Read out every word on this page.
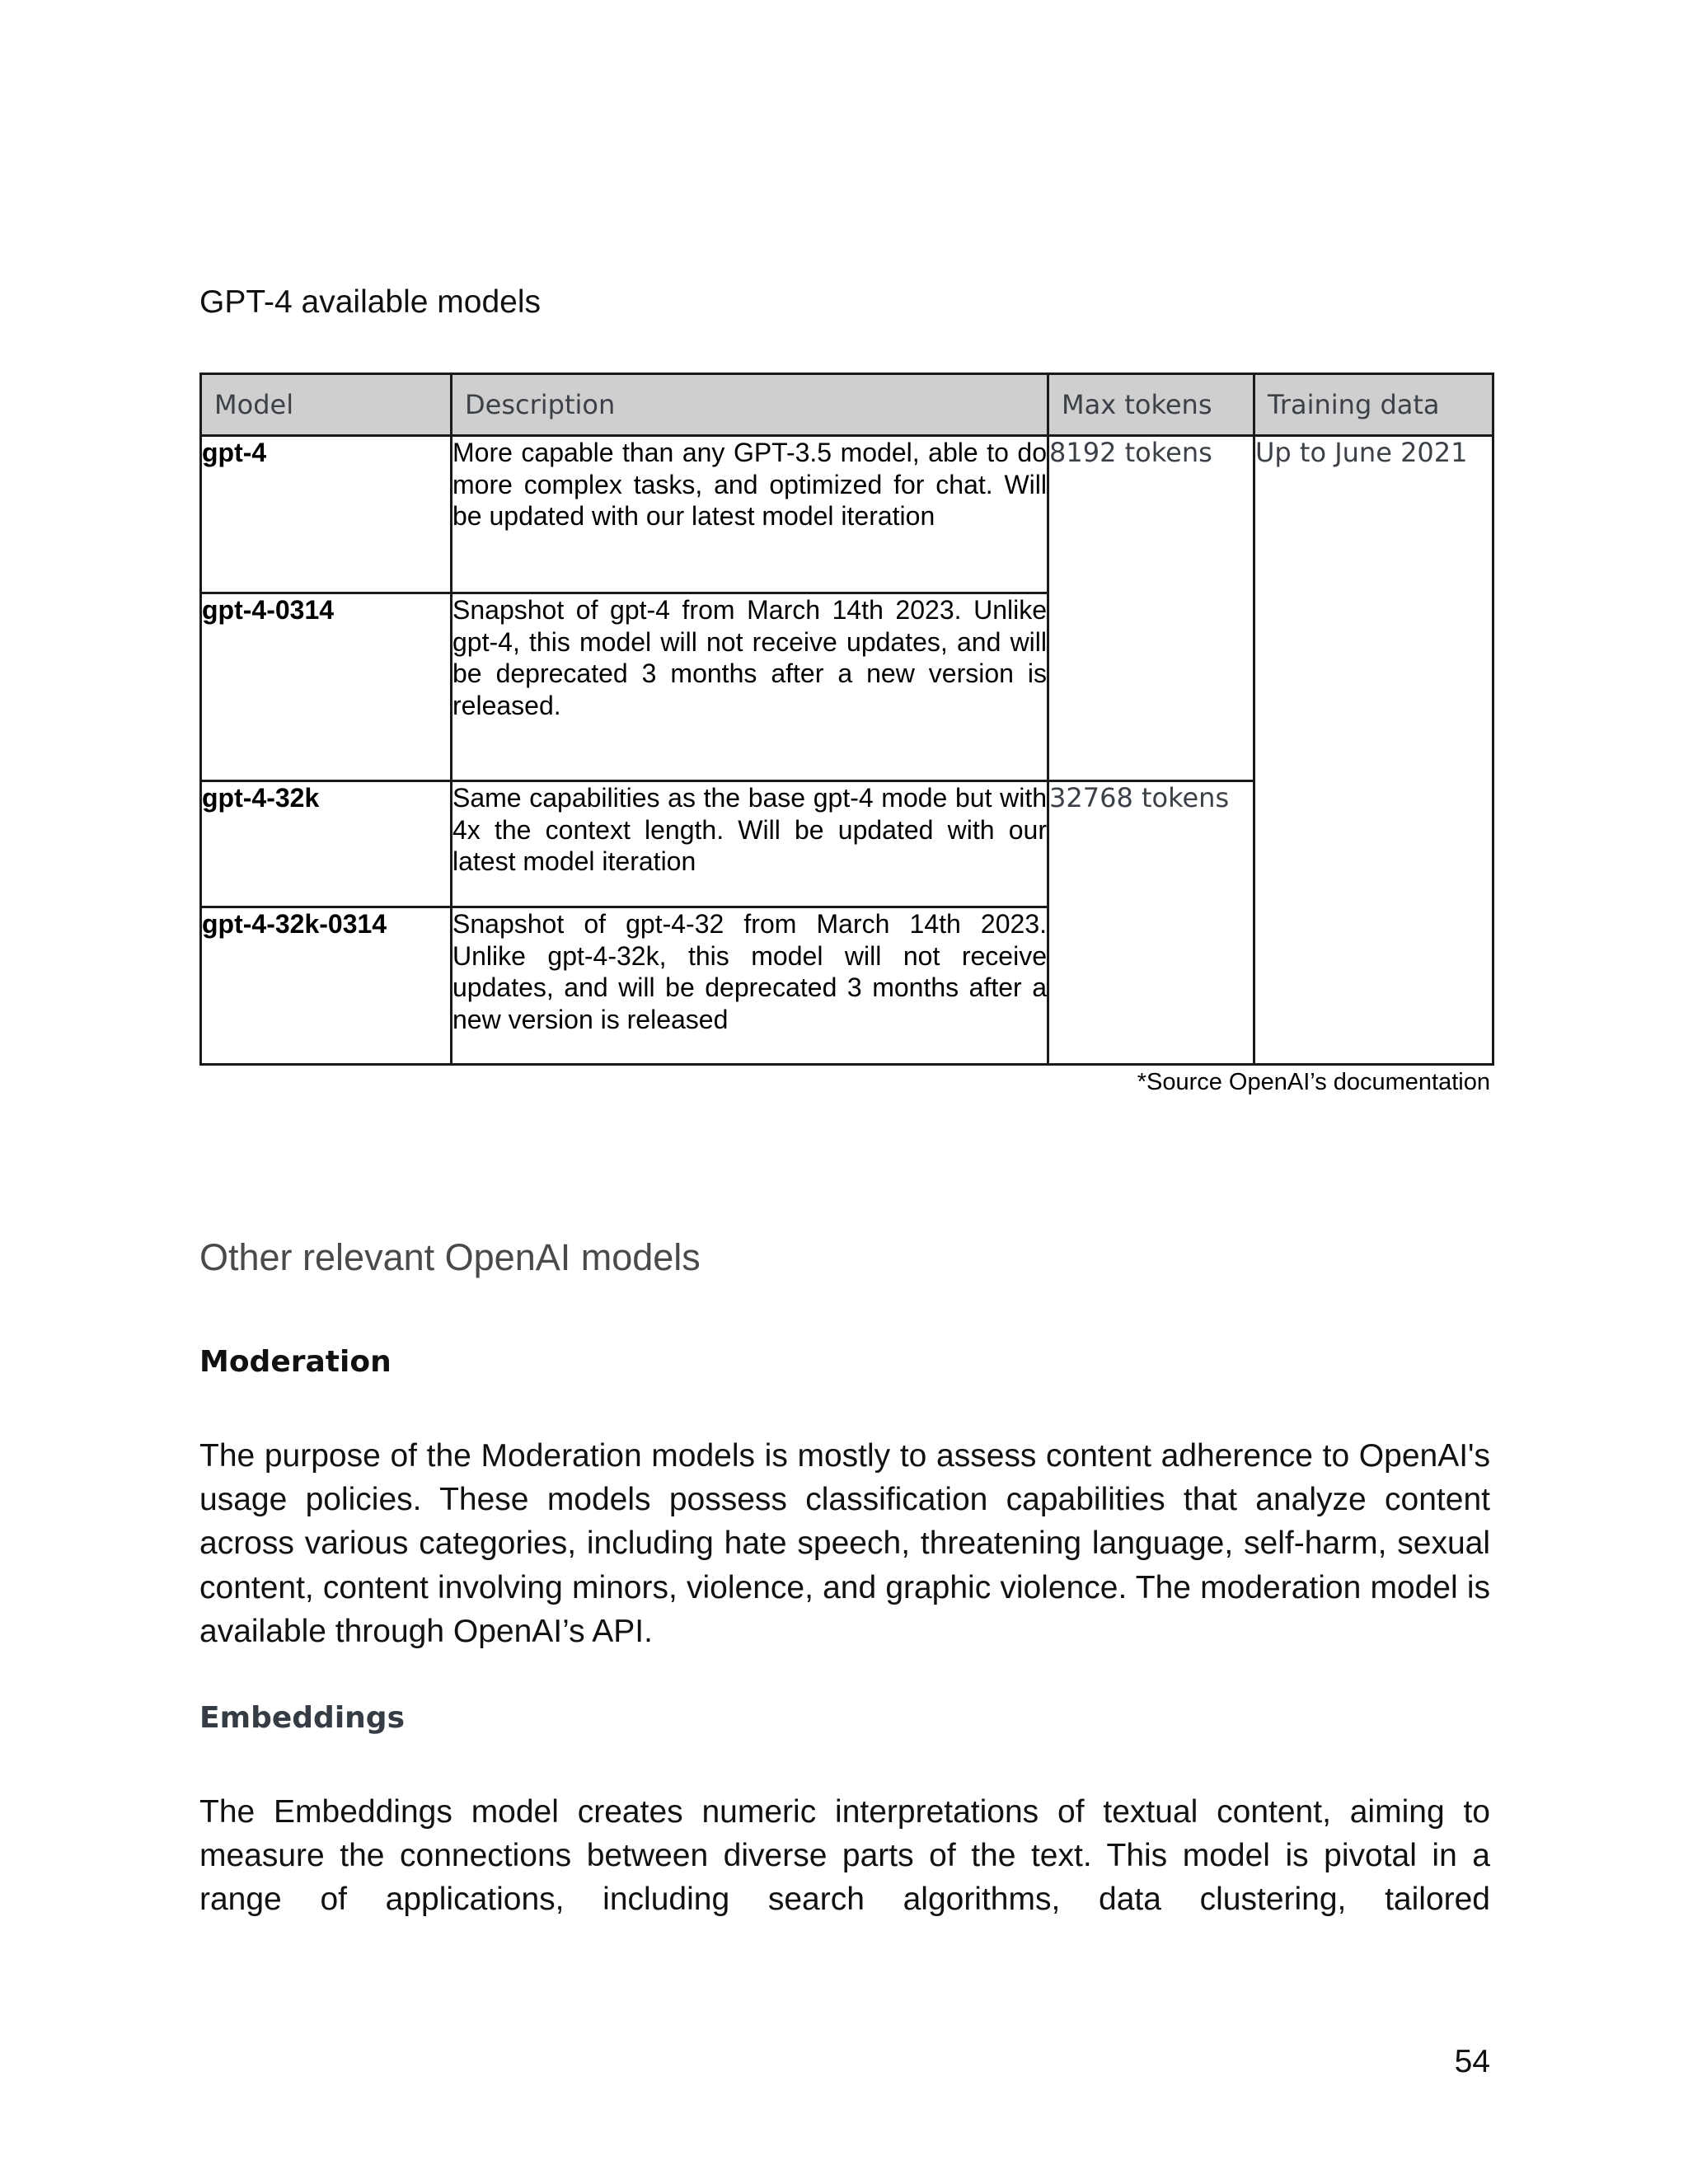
GPT-4 available models
Model	Description	Max tokens	Training data
gpt-4	More capable than any GPT-3.5 model, able to do more complex tasks, and optimized for chat. Will be updated with our latest model iteration	8192 tokens	Up to June 2021
gpt-4-0314	Snapshot of gpt-4 from March 14th 2023. Unlike gpt-4, this model will not receive updates, and will be deprecated 3 months after a new version is released.		
gpt-4-32k	Same capabilities as the base gpt-4 mode but with 4x the context length. Will be updated with our latest model iteration	32768 tokens	
gpt-4-32k-0314	Snapshot of gpt-4-32 from March 14th 2023. Unlike gpt-4-32k, this model will not receive updates, and will be deprecated 3 months after a new version is released		
*Source OpenAI’s documentation
Other relevant OpenAI models
Moderation
The purpose of the Moderation models is mostly to assess content adherence to OpenAI's usage policies. These models possess classification capabilities that analyze content across various categories, including hate speech, threatening language, self-harm, sexual content, content involving minors, violence, and graphic violence. The moderation model is available through OpenAI’s API.
Embeddings
The Embeddings model creates numeric interpretations of textual content, aiming to measure the connections between diverse parts of the text. This model is pivotal in a range of applications, including search algorithms, data clustering, tailored
54
